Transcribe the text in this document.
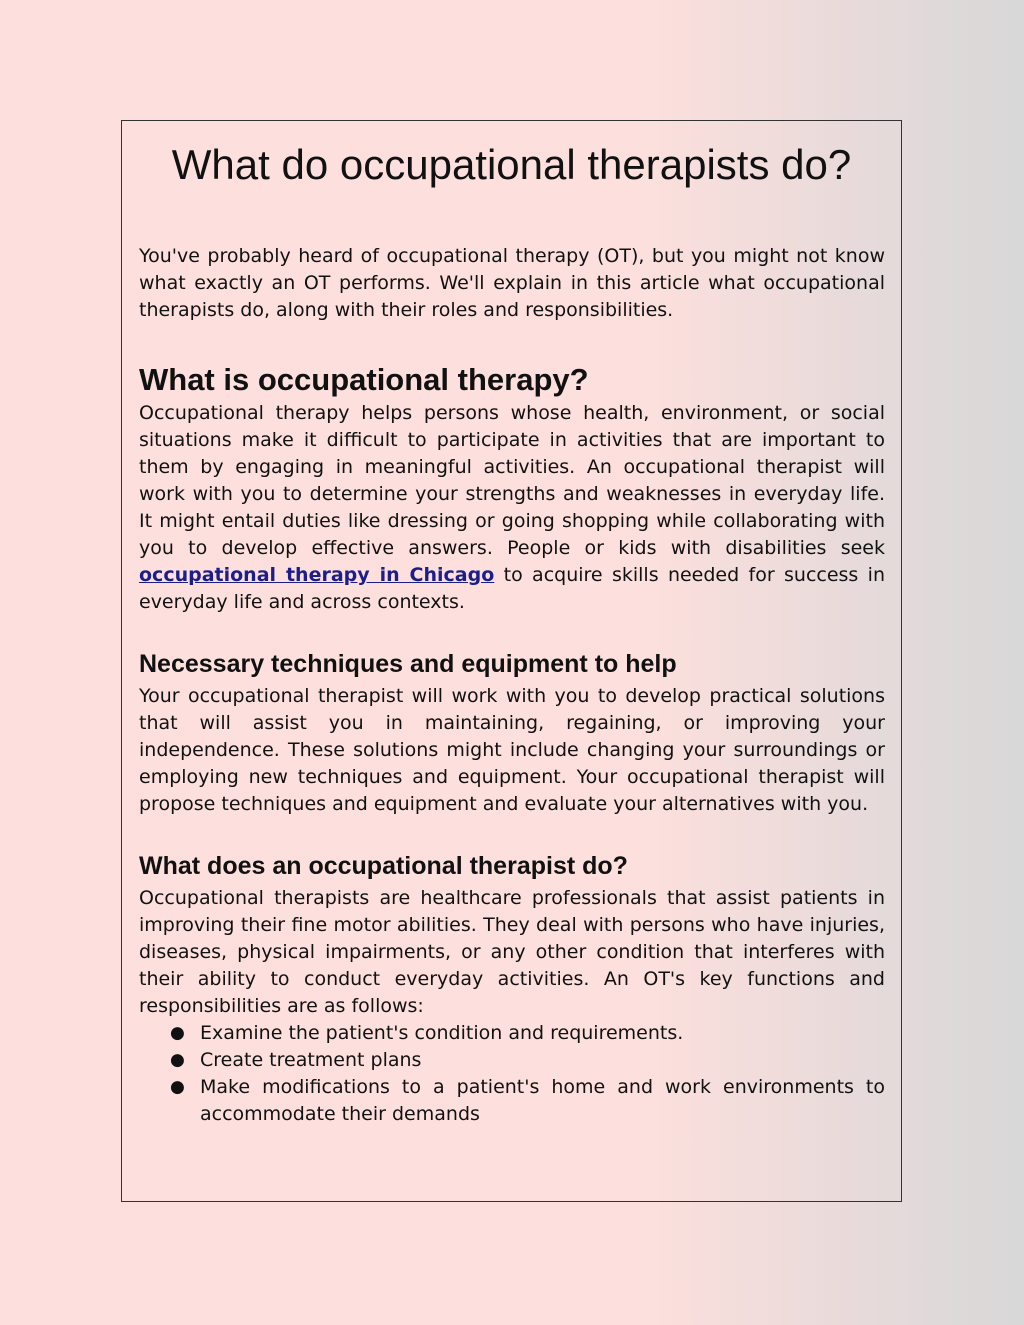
What do occupational therapists do?

You've probably heard of occupational therapy (OT), but you might not know what exactly an OT performs. We'll explain in this article what occupational therapists do, along with their roles and responsibilities.

What is occupational therapy?

Occupational therapy helps persons whose health, environment, or social situations make it difficult to participate in activities that are important to them by engaging in meaningful activities. An occupational therapist will work with you to determine your strengths and weaknesses in everyday life. It might entail duties like dressing or going shopping while collaborating with you to develop effective answers. People or kids with disabilities seek occupational therapy in Chicago to acquire skills needed for success in everyday life and across contexts.

Necessary techniques and equipment to help

Your occupational therapist will work with you to develop practical solutions that will assist you in maintaining, regaining, or improving your independence. These solutions might include changing your surroundings or employing new techniques and equipment. Your occupational therapist will propose techniques and equipment and evaluate your alternatives with you.

What does an occupational therapist do?

Occupational therapists are healthcare professionals that assist patients in improving their fine motor abilities. They deal with persons who have injuries, diseases, physical impairments, or any other condition that interferes with their ability to conduct everyday activities. An OT's key functions and responsibilities are as follows:

● Examine the patient's condition and requirements.
● Create treatment plans
● Make modifications to a patient's home and work environments to accommodate their demands
